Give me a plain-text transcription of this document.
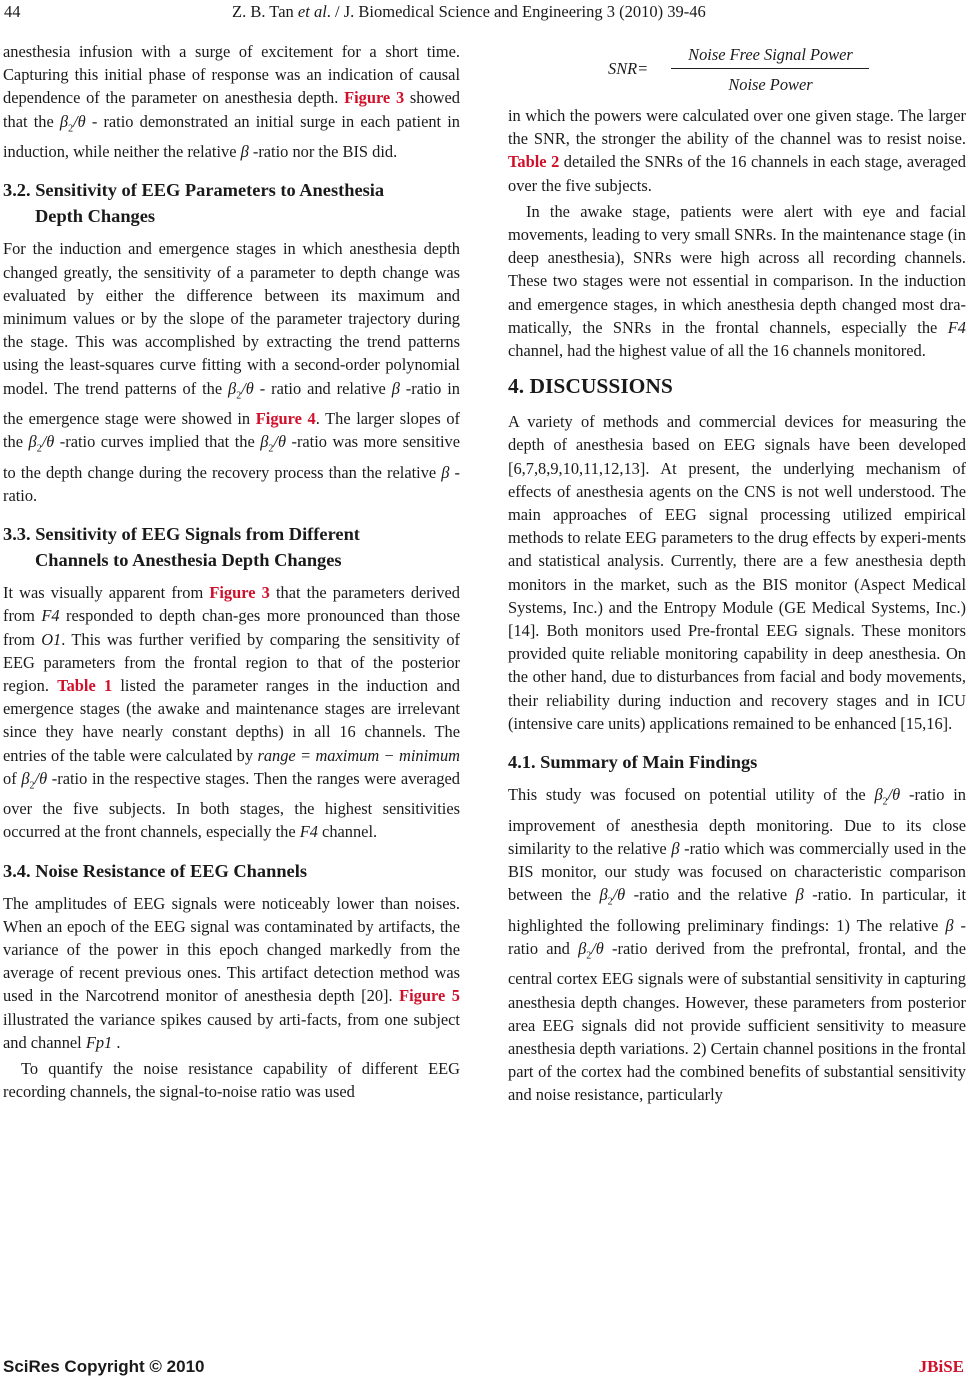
44	Z. B. Tan et al. / J. Biomedical Science and Engineering 3 (2010) 39-46

anesthesia infusion with a surge of excitement for a short time. Capturing this initial phase of response was an indication of causal dependence of the parameter on anesthesia depth. Figure 3 showed that the $\beta_2/\theta$ - ratio demonstrated an initial surge in each patient in induction, while neither the relative β -ratio nor the BIS did.

3.2. Sensitivity of EEG Parameters to Anesthesia
Depth Changes

For the induction and emergence stages in which anesthesia depth changed greatly, the sensitivity of a parameter to depth change was evaluated by either the difference between its maximum and minimum values or by the slope of the parameter trajectory during the stage. This was accomplished by extracting the trend patterns using the least-squares curve fitting with a second-order polynomial model. The trend patterns of the $\beta_2/\theta$ - ratio and relative β -ratio in the emergence stage were showed in Figure 4. The larger slopes of the $\beta_2/\theta$ -ratio curves implied that the $\beta_2/\theta$ -ratio was more sensitive to the depth change during the recovery process than the relative β -ratio.

3.3. Sensitivity of EEG Signals from Different
Channels to Anesthesia Depth Changes

It was visually apparent from Figure 3 that the parameters derived from F4 responded to depth chan-ges more pronounced than those from O1. This was further verified by comparing the sensitivity of EEG parameters from the frontal region to that of the posterior region. Table 1 listed the parameter ranges in the induction and emergence stages (the awake and maintenance stages are irrelevant since they have nearly constant depths) in all 16 channels. The entries of the table were calculated by range = maximum − minimum of $\beta_2/\theta$ -ratio in the respective stages. Then the ranges were averaged over the five subjects. In both stages, the highest sensitivities occurred at the front channels, especially the F4 channel.

3.4. Noise Resistance of EEG Channels

The amplitudes of EEG signals were noticeably lower than noises. When an epoch of the EEG signal was contaminated by artifacts, the variance of the power in this epoch changed markedly from the average of recent previous ones. This artifact detection method was used in the Narcotrend monitor of anesthesia depth [20]. Figure 5 illustrated the variance spikes caused by arti-facts, from one subject and channel Fp1 .

To quantify the noise resistance capability of different EEG recording channels, the signal-to-noise ratio was used

SNR=
Noise Free Signal Power
Noise Power

in which the powers were calculated over one given stage. The larger the SNR, the stronger the ability of the channel was to resist noise. Table 2 detailed the SNRs of the 16 channels in each stage, averaged over the five subjects.

In the awake stage, patients were alert with eye and facial movements, leading to very small SNRs. In the maintenance stage (in deep anesthesia), SNRs were high across all recording channels. These two stages were not essential in comparison. In the induction and emergence stages, in which anesthesia depth changed most dra-matically, the SNRs in the frontal channels, especially the F4 channel, had the highest value of all the 16 channels monitored.

4. DISCUSSIONS

A variety of methods and commercial devices for measuring the depth of anesthesia based on EEG signals have been developed [6,7,8,9,10,11,12,13]. At present, the underlying mechanism of effects of anesthesia agents on the CNS is not well understood. The main approaches of EEG signal processing utilized empirical methods to relate EEG parameters to the drug effects by experi-ments and statistical analysis. Currently, there are a few anesthesia depth monitors in the market, such as the BIS monitor (Aspect Medical Systems, Inc.) and the Entropy Module (GE Medical Systems, Inc.) [14]. Both monitors used Pre-frontal EEG signals. These monitors provided quite reliable monitoring capability in deep anesthesia. On the other hand, due to disturbances from facial and body movements, their reliability during induction and recovery stages and in ICU (intensive care units) applications remained to be enhanced [15,16].

4.1. Summary of Main Findings

This study was focused on potential utility of the $\beta_2/\theta$ -ratio in improvement of anesthesia depth monitoring. Due to its close similarity to the relative β -ratio which was commercially used in the BIS monitor, our study was focused on characteristic comparison between the $\beta_2/\theta$ -ratio and the relative β -ratio. In particular, it highlighted the following preliminary findings: 1) The relative β -ratio and $\beta_2/\theta$ -ratio derived from the prefrontal, frontal, and the central cortex EEG signals were of substantial sensitivity in capturing anesthesia depth changes. However, these parameters from posterior area EEG signals did not provide sufficient sensitivity to measure anesthesia depth variations. 2) Certain channel positions in the frontal part of the cortex had the combined benefits of substantial sensitivity and noise resistance, particularly

SciRes Copyright © 2010	JBiSE
